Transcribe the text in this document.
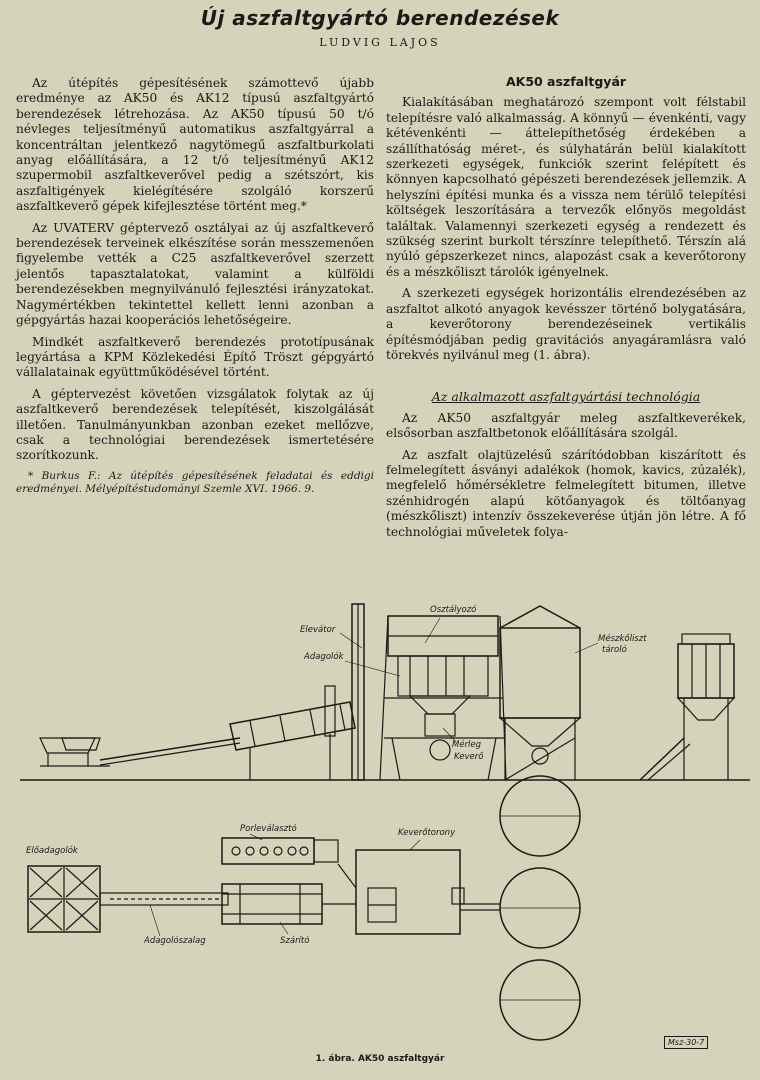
Új aszfaltgyártó berendezések

LUDVIG LAJOS

Az útépítés gépesítésének számottevő újabb eredménye az AK50 és AK12 típusú aszfaltgyártó berendezések létrehozása. Az AK50 típusú 50 t/ó névleges teljesítményű automatikus aszfaltgyárral a koncentráltan jelentkező nagytömegű aszfaltburkolati anyag előállítására, a 12 t/ó teljesítményű AK12 szupermobil aszfaltkeverővel pedig a szétszórt, kis aszfaltigények kielégítésére szolgáló korszerű aszfaltkeverő gépek kifejlesztése történt meg.*

Az UVATERV géptervező osztályai az új aszfaltkeverő berendezések terveinek elkészítése során messzemenően figyelembe vették a C25 aszfaltkeverővel szerzett jelentős tapasztalatokat, valamint a külföldi berendezésekben megnyilvánuló fejlesztési irányzatokat. Nagymértékben tekintettel kellett lenni azonban a gépgyártás hazai kooperációs lehetőségeire.

Mindkét aszfaltkeverő berendezés prototípusának legyártása a KPM Közlekedési Építő Tröszt gépgyártó vállalatainak együttműködésével történt.

A géptervezést követően vizsgálatok folytak az új aszfaltkeverő berendezések telepítését, kiszolgálását illetően. Tanulmányunkban azonban ezeket mellőzve, csak a technológiai berendezések ismertetésére szorítkozunk.

* Burkus F.: Az útépítés gépesítésének feladatai és eddigi eredményei. Mélyépítéstudományi Szemle XVI. 1966. 9.

AK50 aszfaltgyár

Kialakításában meghatározó szempont volt félstabil telepítésre való alkalmasság. A könnyű — évenkénti, vagy kétévenkénti — áttelepíthetőség érdekében a szállíthatóság méret-, és súlyhatárán belül kialakított szerkezeti egységek, funkciók szerint felépített és könnyen kapcsolható gépészeti berendezések jellemzik. A helyszíni építési munka és a vissza nem térülő telepítési költségek leszorítására a tervezők előnyös megoldást találtak. Valamennyi szerkezeti egység a rendezett és szükség szerint burkolt térszínre telepíthető. Térszín alá nyúló gépszerkezet nincs, alapozást csak a keverőtorony és a mészkőliszt tárolók igényelnek.

A szerkezeti egységek horizontális elrendezésében az aszfaltot alkotó anyagok kevésszer történő bolygatására, a keverőtorony berendezéseinek vertikális építésmódjában pedig gravitációs anyagáramlásra való törekvés nyilvánul meg (1. ábra).

Az alkalmazott aszfaltgyártási technológia

Az AK50 aszfaltgyár meleg aszfaltkeverékek, elsősorban aszfaltbetonok előállítására szolgál.

Az aszfalt olajtüzelésű szárítódobban kiszárított és felmelegített ásványi adalékok (homok, kavics, zúzalék), megfelelő hőmérsékletre felmelegített bitumen, illetve szénhidrogén alapú kötőanyagok és töltőanyag (mészkőliszt) intenzív összekeverése útján jön létre. A fő technológiai műveletek folya-

Osztályozó
Elevátor
Adagolók
Mészkőliszt
tároló
Mérleg
Keverő
Előadagolók
Porleválasztó	Keverőtorony
Adagolószalag	Szárító
Msz-30-7

1. ábra. AK50 aszfaltgyár
